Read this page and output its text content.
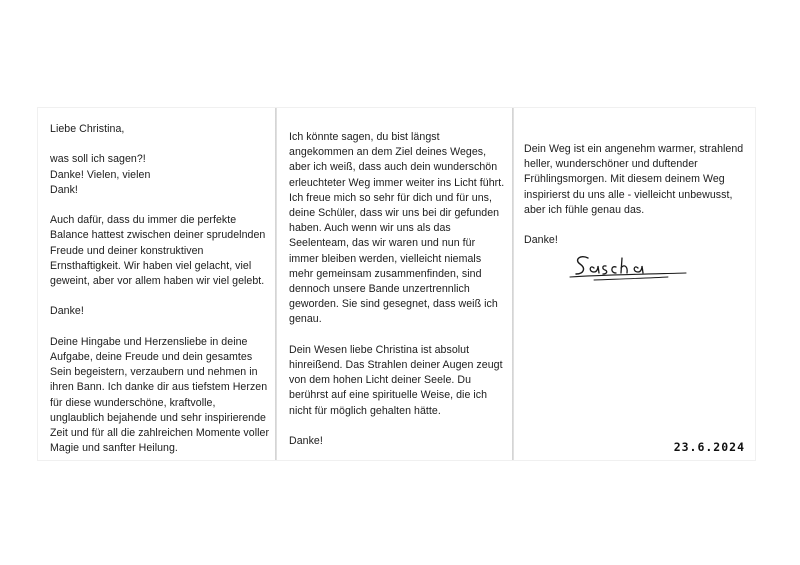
Liebe Christina,

was soll ich sagen?! Danke! Vielen, vielen Dank!

Auch dafür, dass du immer die perfekte Balance hattest zwischen deiner sprudelnden Freude und deiner konstruktiven Ernsthaftigkeit. Wir haben viel gelacht, viel geweint, aber vor allem haben wir viel gelebt.

Danke!

Deine Hingabe und Herzensliebe in deine Aufgabe, deine Freude und dein gesamtes Sein begeistern, verzaubern und nehmen in ihren Bann. Ich danke dir aus tiefstem Herzen für diese wunderschöne, kraftvolle, unglaublich bejahende und sehr inspirierende Zeit und für all die zahlreichen Momente voller Magie und sanfter Heilung.

Ich könnte sagen, du bist längst angekommen an dem Ziel deines Weges, aber ich weiß, dass auch dein wunderschön erleuchteter Weg immer weiter ins Licht führt. Ich freue mich so sehr für dich und für uns, deine Schüler, dass wir uns bei dir gefunden haben. Auch wenn wir uns als das Seelenteam, das wir waren und nun für immer bleiben werden, vielleicht niemals mehr gemeinsam zusammenfinden, sind dennoch unsere Bande unzertrennlich geworden. Sie sind gesegnet, dass weiß ich genau.

Dein Wesen liebe Christina ist absolut hinreißend. Das Strahlen deiner Augen zeugt von dem hohen Licht deiner Seele. Du berührst auf eine spirituelle Weise, die ich nicht für möglich gehalten hätte.

Danke!

Dein Weg ist ein angenehm warmer, strahlend heller, wunderschöner und duftender Frühlingsmorgen. Mit diesem deinem Weg inspirierst du uns alle - vielleicht unbewusst, aber ich fühle genau das.

Danke!

23.6.2024
